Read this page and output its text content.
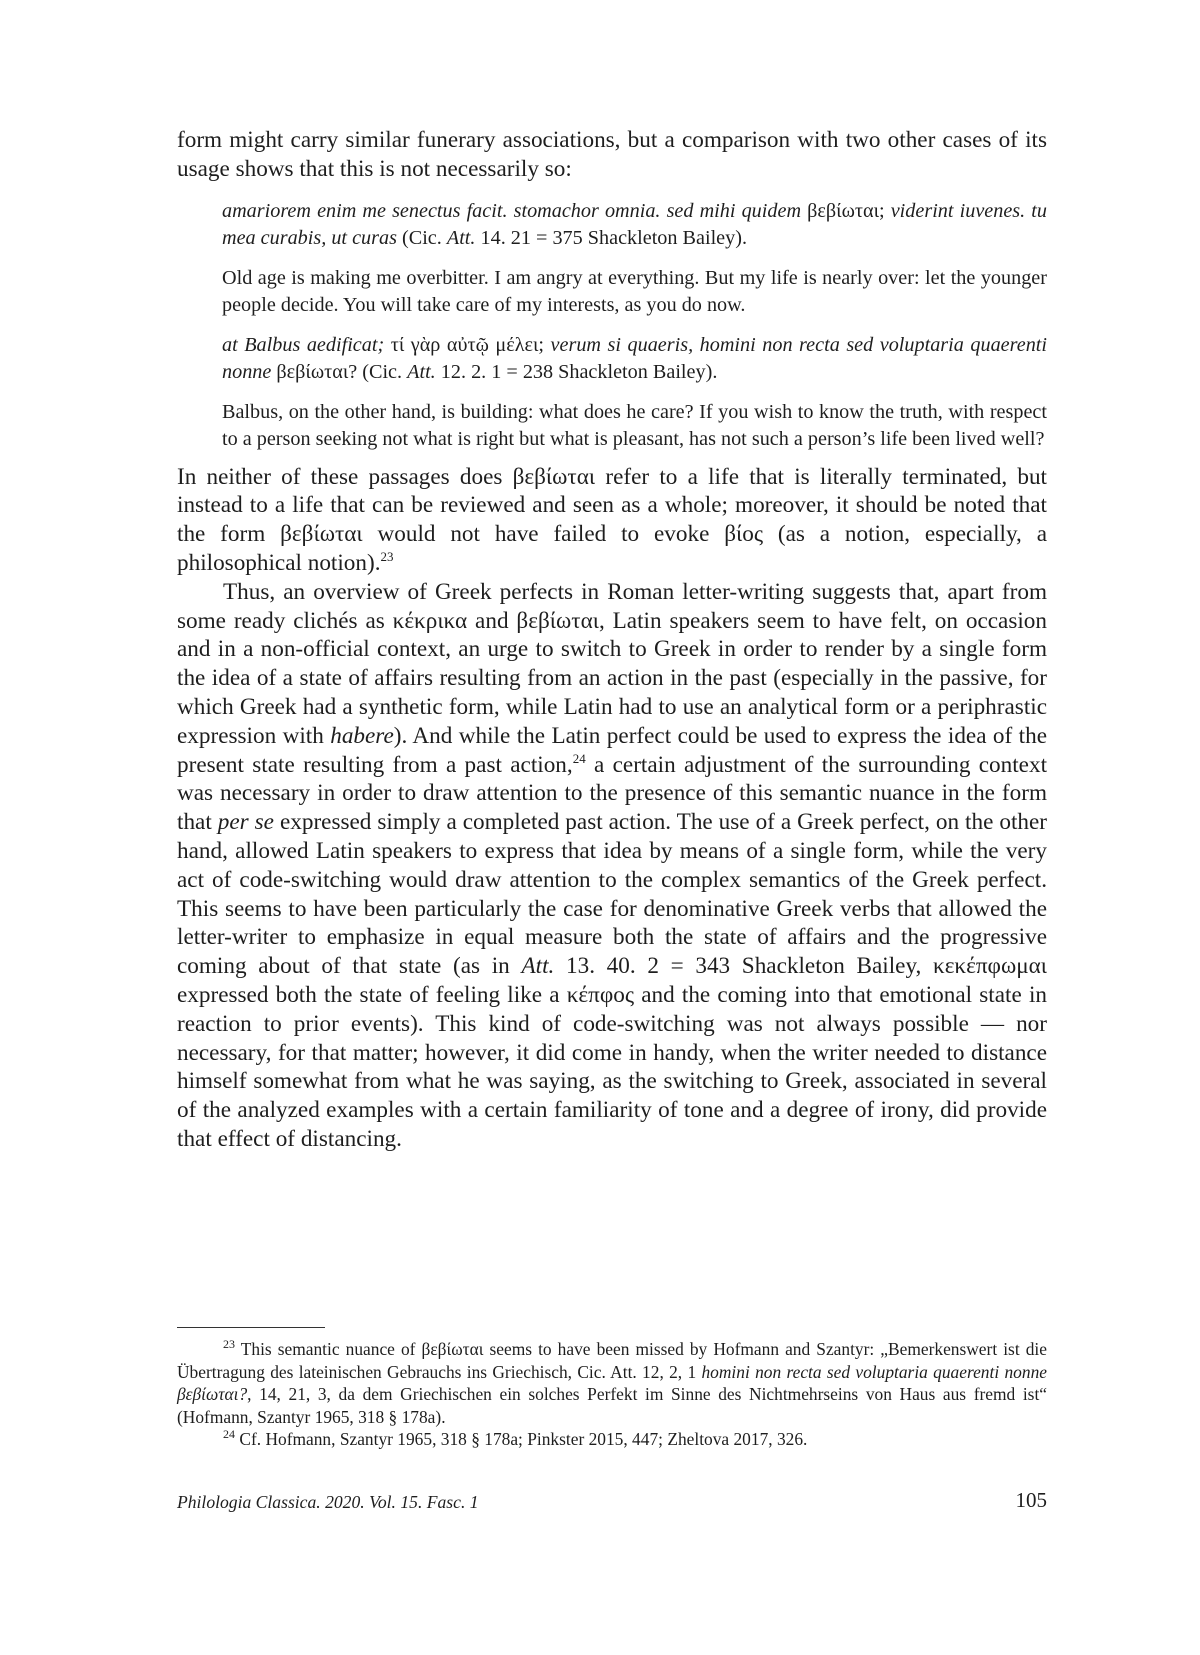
form might carry similar funerary associations, but a comparison with two other cases of its usage shows that this is not necessarily so:

amariorem enim me senectus facit. stomachor omnia. sed mihi quidem βεβίωται; viderint iuvenes. tu mea curabis, ut curas (Cic. Att. 14. 21 = 375 Shackleton Bailey).

Old age is making me overbitter. I am angry at everything. But my life is nearly over: let the younger people decide. You will take care of my interests, as you do now.

at Balbus aedificat; τί γὰρ αὐτῷ μέλει; verum si quaeris, homini non recta sed voluptaria quaerenti nonne βεβίωται? (Cic. Att. 12. 2. 1 = 238 Shackleton Bailey).

Balbus, on the other hand, is building: what does he care? If you wish to know the truth, with respect to a person seeking not what is right but what is pleasant, has not such a person’s life been lived well?

In neither of these passages does βεβίωται refer to a life that is literally terminated, but instead to a life that can be reviewed and seen as a whole; moreover, it should be noted that the form βεβίωται would not have failed to evoke βίος (as a notion, especially, a philosophical notion).$^{23}$

Thus, an overview of Greek perfects in Roman letter-writing suggests that, apart from some ready clichés as κέκρικα and βεβίωται, Latin speakers seem to have felt, on occasion and in a non-official context, an urge to switch to Greek in order to render by a single form the idea of a state of affairs resulting from an action in the past (especially in the passive, for which Greek had a synthetic form, while Latin had to use an analytical form or a periphrastic expression with habere). And while the Latin perfect could be used to express the idea of the present state resulting from a past action,$^{24}$ a certain adjustment of the surrounding context was necessary in order to draw attention to the presence of this semantic nuance in the form that per se expressed simply a completed past action. The use of a Greek perfect, on the other hand, allowed Latin speakers to express that idea by means of a single form, while the very act of code-switching would draw attention to the complex semantics of the Greek perfect. This seems to have been particularly the case for denominative Greek verbs that allowed the letter-writer to emphasize in equal measure both the state of affairs and the progressive coming about of that state (as in Att. 13. 40. 2 = 343 Shackleton Bailey, κεκέπφωμαι expressed both the state of feeling like a κέπφος and the coming into that emotional state in reaction to prior events). This kind of code-switching was not always possible — nor necessary, for that matter; however, it did come in handy, when the writer needed to distance himself somewhat from what he was saying, as the switching to Greek, associated in several of the analyzed examples with a certain familiarity of tone and a degree of irony, did provide that effect of distancing.

$^{23}$ This semantic nuance of βεβίωται seems to have been missed by Hofmann and Szantyr: „Bemerkenswert ist die Übertragung des lateinischen Gebrauchs ins Griechisch, Cic. Att. 12, 2, 1 homini non recta sed voluptaria quaerenti nonne βεβίωται?, 14, 21, 3, da dem Griechischen ein solches Perfekt im Sinne des Nichtmehrseins von Haus aus fremd ist“ (Hofmann, Szantyr 1965, 318 § 178a).

$^{24}$ Cf. Hofmann, Szantyr 1965, 318 § 178a; Pinkster 2015, 447; Zheltova 2017, 326.

Philologia Classica. 2020. Vol. 15. Fasc. 1	105
